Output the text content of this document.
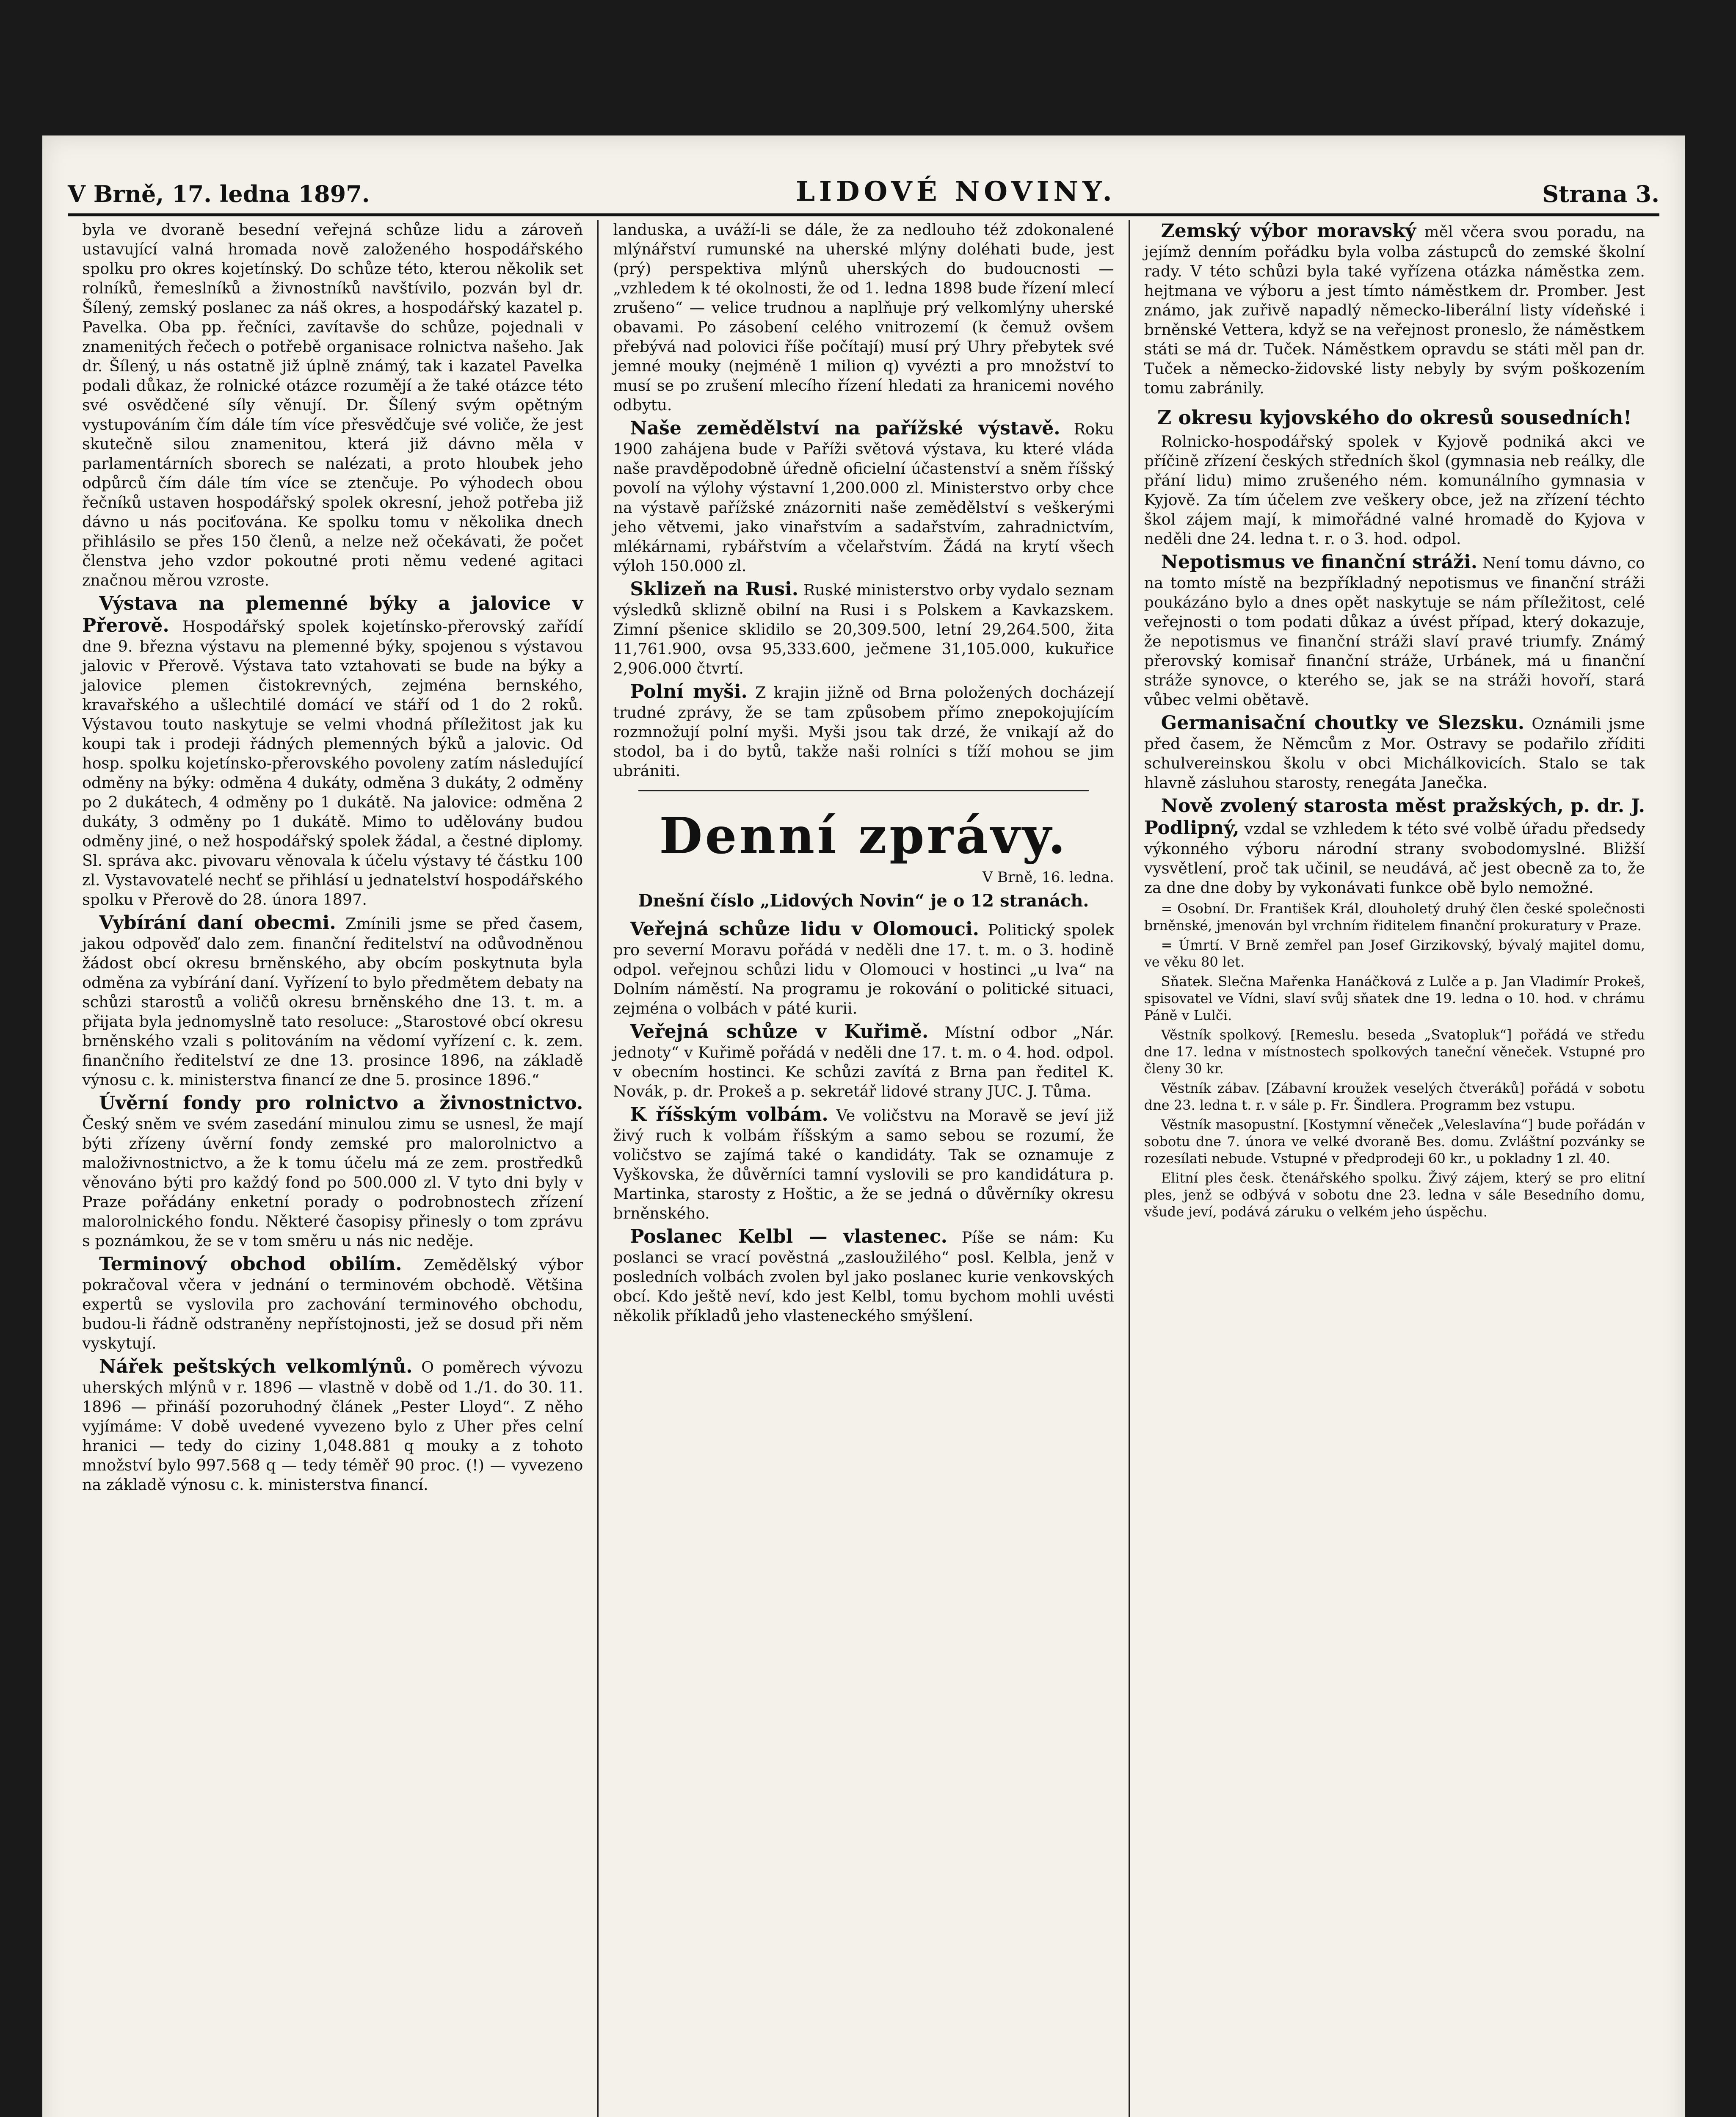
V Brně, 17. ledna 1897.	LIDOVÉ NOVINY.	Strana 3.

byla ve dvoraně besední veřejná schůze lidu a zároveň ustavující valná hromada nově založeného hospodářského spolku pro okres kojetínský. Do schůze této, kterou několik set rolníků, řemeslníků a živnostníků navštívilo, pozván byl dr. Šílený, zemský poslanec za náš okres, a hospodářský kazatel p. Pavelka. Oba pp. řečníci, zavítavše do schůze, pojednali v znamenitých řečech o potřebě organisace rolnictva našeho. Jak dr. Šílený, u nás ostatně již úplně známý, tak i kazatel Pavelka podali důkaz, že rolnické otázce rozumějí a že také otázce této své osvědčené síly věnují. Dr. Šílený svým opětným vystupováním čím dále tím více přesvědčuje své voliče, že jest skutečně silou znamenitou, která již dávno měla v parlamentárních sborech se nalézati, a proto hloubek jeho odpůrců čím dále tím více se ztenčuje. Po výhodech obou řečníků ustaven hospodářský spolek okresní, jehož potřeba již dávno u nás pociťována. Ke spolku tomu v několika dnech přihlásilo se přes 150 členů, a nelze než očekávati, že počet členstva jeho vzdor pokoutné proti němu vedené agitaci značnou měrou vzroste.

Výstava na plemenné býky a jalovice v Přerově. Hospodářský spolek kojetínsko-přerovský zařídí dne 9. března výstavu na plemenné býky, spojenou s výstavou jalovic v Přerově. Výstava tato vztahovati se bude na býky a jalovice plemen čistokrevných, zejména bernského, kravařského a ušlechtilé domácí ve stáří od 1 do 2 roků. Výstavou touto naskytuje se velmi vhodná příležitost jak ku koupi tak i prodeji řádných plemenných býků a jalovic. Od hosp. spolku kojetínsko-přerovského povoleny zatím následující odměny na býky: odměna 4 dukáty, odměna 3 dukáty, 2 odměny po 2 dukátech, 4 odměny po 1 dukátě. Na jalovice: odměna 2 dukáty, 3 odměny po 1 dukátě. Mimo to udělovány budou odměny jiné, o než hospodářský spolek žádal, a čestné diplomy. Sl. správa akc. pivovaru věnovala k účelu výstavy té částku 100 zl. Vystavovatelé nechť se přihlásí u jednatelství hospodářského spolku v Přerově do 28. února 1897.

Vybírání daní obecmi. Zmínili jsme se před časem, jakou odpověď dalo zem. finanční ředitelství na odůvodněnou žádost obcí okresu brněnského, aby obcím poskytnuta byla odměna za vybírání daní. Vyřízení to bylo předmětem debaty na schůzi starostů a voličů okresu brněnského dne 13. t. m. a přijata byla jednomyslně tato resoluce: „Starostové obcí okresu brněnského vzali s politováním na vědomí vyřízení c. k. zem. finančního ředitelství ze dne 13. prosince 1896, na základě výnosu c. k. ministerstva financí ze dne 5. prosince 1896.“

Úvěrní fondy pro rolnictvo a živnostnictvo. Český sněm ve svém zasedání minulou zimu se usnesl, že mají býti zřízeny úvěrní fondy zemské pro malorolnictvo a maloživnostnictvo, a že k tomu účelu má ze zem. prostředků věnováno býti pro každý fond po 500.000 zl. V tyto dni byly v Praze pořádány enketní porady o podrobnostech zřízení malorolnického fondu. Některé časopisy přinesly o tom zprávu s poznámkou, že se v tom směru u nás nic neděje.

Terminový obchod obilím. Zemědělský výbor pokračoval včera v jednání o terminovém obchodě. Většina expertů se vyslovila pro zachování terminového obchodu, budou-li řádně odstraněny nepřístojnosti, jež se dosud při něm vyskytují.

Nářek peštských velkomlýnů. O poměrech vývozu uherských mlýnů v r. 1896 — vlastně v době od 1./1. do 30. 11. 1896 — přináší pozoruhodný článek „Pester Lloyd“. Z něho vyjímáme: V době uvedené vyvezeno bylo z Uher přes celní hranici — tedy do ciziny 1,048.881 q mouky a z tohoto množství bylo 997.568 q — tedy téměř 90 proc. (!) — vyvezeno na základě výnosu c. k. ministerstva financí.

landuska, a uváží-li se dále, že za nedlouho též zdokonalené mlýnářství rumunské na uherské mlýny doléhati bude, jest (prý) perspektiva mlýnů uherských do budoucnosti — „vzhledem k té okolnosti, že od 1. ledna 1898 bude řízení mlecí zrušeno“ — velice trudnou a naplňuje prý velkomlýny uherské obavami. Po zásobení celého vnitrozemí (k čemuž ovšem přebývá nad polovici říše počítají) musí prý Uhry přebytek své jemné mouky (nejméně 1 milion q) vyvézti a pro množství to musí se po zrušení mlecího řízení hledati za hranicemi nového odbytu.

Naše zemědělství na pařížské výstavě. Roku 1900 zahájena bude v Paříži světová výstava, ku které vláda naše pravděpodobně úředně oficielní účastenství a sněm říšský povolí na výlohy výstavní 1,200.000 zl. Ministerstvo orby chce na výstavě pařížské znázorniti naše zemědělství s veškerými jeho větvemi, jako vinařstvím a sadařstvím, zahradnictvím, mlékárnami, rybářstvím a včelařstvím. Žádá na krytí všech výloh 150.000 zl.

Sklizeň na Rusi. Ruské ministerstvo orby vydalo seznam výsledků sklizně obilní na Rusi i s Polskem a Kavkazskem. Zimní pšenice sklidilo se 20,309.500, letní 29,264.500, žita 11,761.900, ovsa 95,333.600, ječmene 31,105.000, kukuřice 2,906.000 čtvrtí.

Polní myši. Z krajin jižně od Brna položených docházejí trudné zprávy, že se tam způsobem přímo znepokojujícím rozmnožují polní myši. Myši jsou tak drzé, že vnikají až do stodol, ba i do bytů, takže naši rolníci s tíží mohou se jim ubrániti.

Denní zprávy.
V Brně, 16. ledna.
Dnešní číslo „Lidových Novin“ je o 12 stranách.

Veřejná schůze lidu v Olomouci. Politický spolek pro severní Moravu pořádá v neděli dne 17. t. m. o 3. hodině odpol. veřejnou schůzi lidu v Olomouci v hostinci „u lva“ na Dolním náměstí. Na programu je rokování o politické situaci, zejména o volbách v páté kurii.

Veřejná schůze v Kuřimě. Místní odbor „Nár. jednoty“ v Kuřimě pořádá v neděli dne 17. t. m. o 4. hod. odpol. v obecním hostinci. Ke schůzi zavítá z Brna pan ředitel K. Novák, p. dr. Prokeš a p. sekretář lidové strany JUC. J. Tůma.

K říšským volbám. Ve voličstvu na Moravě se jeví již živý ruch k volbám říšským a samo sebou se rozumí, že voličstvo se zajímá také o kandidáty. Tak se oznamuje z Vyškovska, že důvěrníci tamní vyslovili se pro kandidátura p. Martinka, starosty z Hoštic, a že se jedná o důvěrníky okresu brněnského.

Poslanec Kelbl — vlastenec. Píše se nám: Ku poslanci se vrací pověstná „zasloužilého“ posl. Kelbla, jenž v posledních volbách zvolen byl jako poslanec kurie venkovských obcí. Kdo ještě neví, kdo jest Kelbl, tomu bychom mohli uvésti několik příkladů jeho vlasteneckého smýšlení.

Zemský výbor moravský měl včera svou poradu, na jejímž denním pořádku byla volba zástupců do zemské školní rady. V této schůzi byla také vyřízena otázka náměstka zem. hejtmana ve výboru a jest tímto náměstkem dr. Promber. Jest známo, jak zuřivě napadlý německo-liberální listy vídeňské i brněnské Vettera, když se na veřejnost proneslo, že náměstkem státi se má dr. Tuček. Náměstkem opravdu se státi měl pan dr. Tuček a německo-židovské listy nebyly by svým poškozením tomu zabránily.

Z okresu kyjovského do okresů sousedních!

Rolnicko-hospodářský spolek v Kyjově podniká akci ve příčině zřízení českých středních škol (gymnasia neb reálky, dle přání lidu) mimo zrušeného ném. komunálního gymnasia v Kyjově. Za tím účelem zve veškery obce, jež na zřízení téchto škol zájem mají, k mimořádné valné hromadě do Kyjova v neděli dne 24. ledna t. r. o 3. hod. odpol.

Nepotismus ve finanční stráži. Není tomu dávno, co na tomto místě na bezpříkladný nepotismus ve finanční stráži poukázáno bylo a dnes opět naskytuje se nám příležitost, celé veřejnosti o tom podati důkaz a úvést případ, který dokazuje, že nepotismus ve finanční stráži slaví pravé triumfy. Známý přerovský komisař finanční stráže, Urbánek, má u finanční stráže synovce, o kterého se, jak se na stráži hovoří, stará vůbec velmi obětavě.

Germanisační choutky ve Slezsku. Oznámili jsme před časem, že Němcům z Mor. Ostravy se podařilo zříditi schulvereinskou školu v obci Michálkovicích. Stalo se tak hlavně zásluhou starosty, renegáta Janečka.

Nově zvolený starosta měst pražských, p. dr. J. Podlipný, vzdal se vzhledem k této své volbě úřadu předsedy výkonného výboru národní strany svobodomyslné. Bližší vysvětlení, proč tak učinil, se neudává, ač jest obecně za to, že za dne dne doby by vykonávati funkce obě bylo nemožné.

= Osobní. Dr. František Král, dlouholetý druhý člen české společnosti brněnské, jmenován byl vrchním řiditelem finanční prokuratury v Praze.

= Úmrtí. V Brně zemřel pan Josef Girzikovský, bývalý majitel domu, ve věku 80 let.

Sňatek. Slečna Mařenka Hanáčková z Lulče a p. Jan Vladimír Prokeš, spisovatel ve Vídni, slaví svůj sňatek dne 19. ledna o 10. hod. v chrámu Páně v Lulči.

Věstník spolkový. [Remeslu. beseda „Svatopluk“] pořádá ve středu dne 17. ledna v místnostech spolkových taneční věneček. Vstupné pro členy 30 kr.

Věstník zábav. [Zábavní kroužek veselých čtveráků] pořádá v sobotu dne 23. ledna t. r. v sále p. Fr. Šindlera. Programm bez vstupu.

Věstník masopustní. [Kostymní věneček „Veleslavína“] bude pořádán v sobotu dne 7. února ve velké dvoraně Bes. domu. Zvláštní pozvánky se rozesílati nebude. Vstupné v předprodeji 60 kr., u pokladny 1 zl. 40.

Elitní ples česk. čtenářského spolku. Živý zájem, který se pro elitní ples, jenž se odbývá v sobotu dne 23. ledna v sále Besedního domu, všude jeví, podává záruku o velkém jeho úspěchu.
